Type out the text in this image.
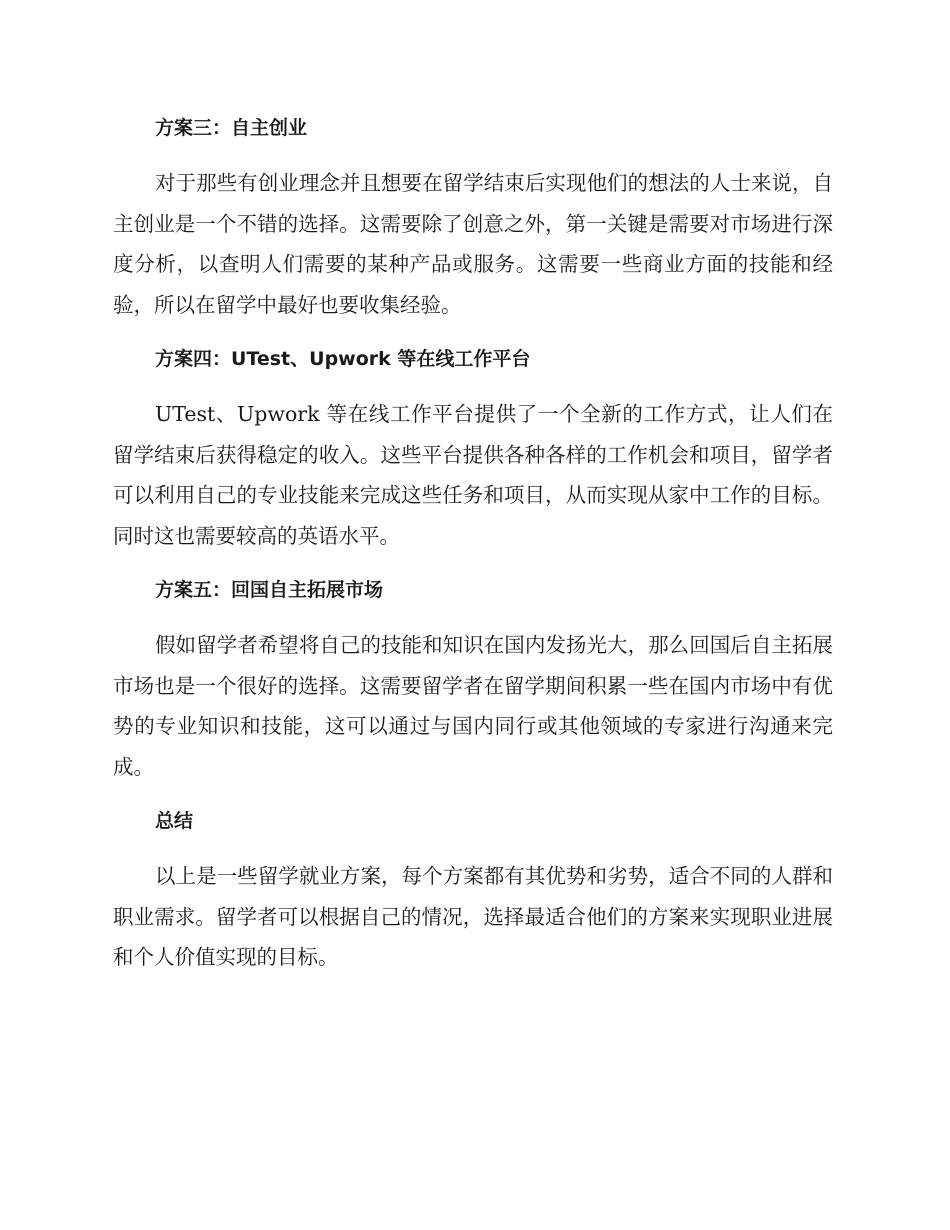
方案三：自主创业

对于那些有创业理念并且想要在留学结束后实现他们的想法的人士来说，自主创业是一个不错的选择。这需要除了创意之外，第一关键是需要对市场进行深度分析，以查明人们需要的某种产品或服务。这需要一些商业方面的技能和经验，所以在留学中最好也要收集经验。

方案四：UTest、Upwork 等在线工作平台

UTest、Upwork 等在线工作平台提供了一个全新的工作方式，让人们在留学结束后获得稳定的收入。这些平台提供各种各样的工作机会和项目，留学者可以利用自己的专业技能来完成这些任务和项目，从而实现从家中工作的目标。同时这也需要较高的英语水平。

方案五：回国自主拓展市场

假如留学者希望将自己的技能和知识在国内发扬光大，那么回国后自主拓展市场也是一个很好的选择。这需要留学者在留学期间积累一些在国内市场中有优势的专业知识和技能，这可以通过与国内同行或其他领域的专家进行沟通来完成。

总结

以上是一些留学就业方案，每个方案都有其优势和劣势，适合不同的人群和职业需求。留学者可以根据自己的情况，选择最适合他们的方案来实现职业进展和个人价值实现的目标。
